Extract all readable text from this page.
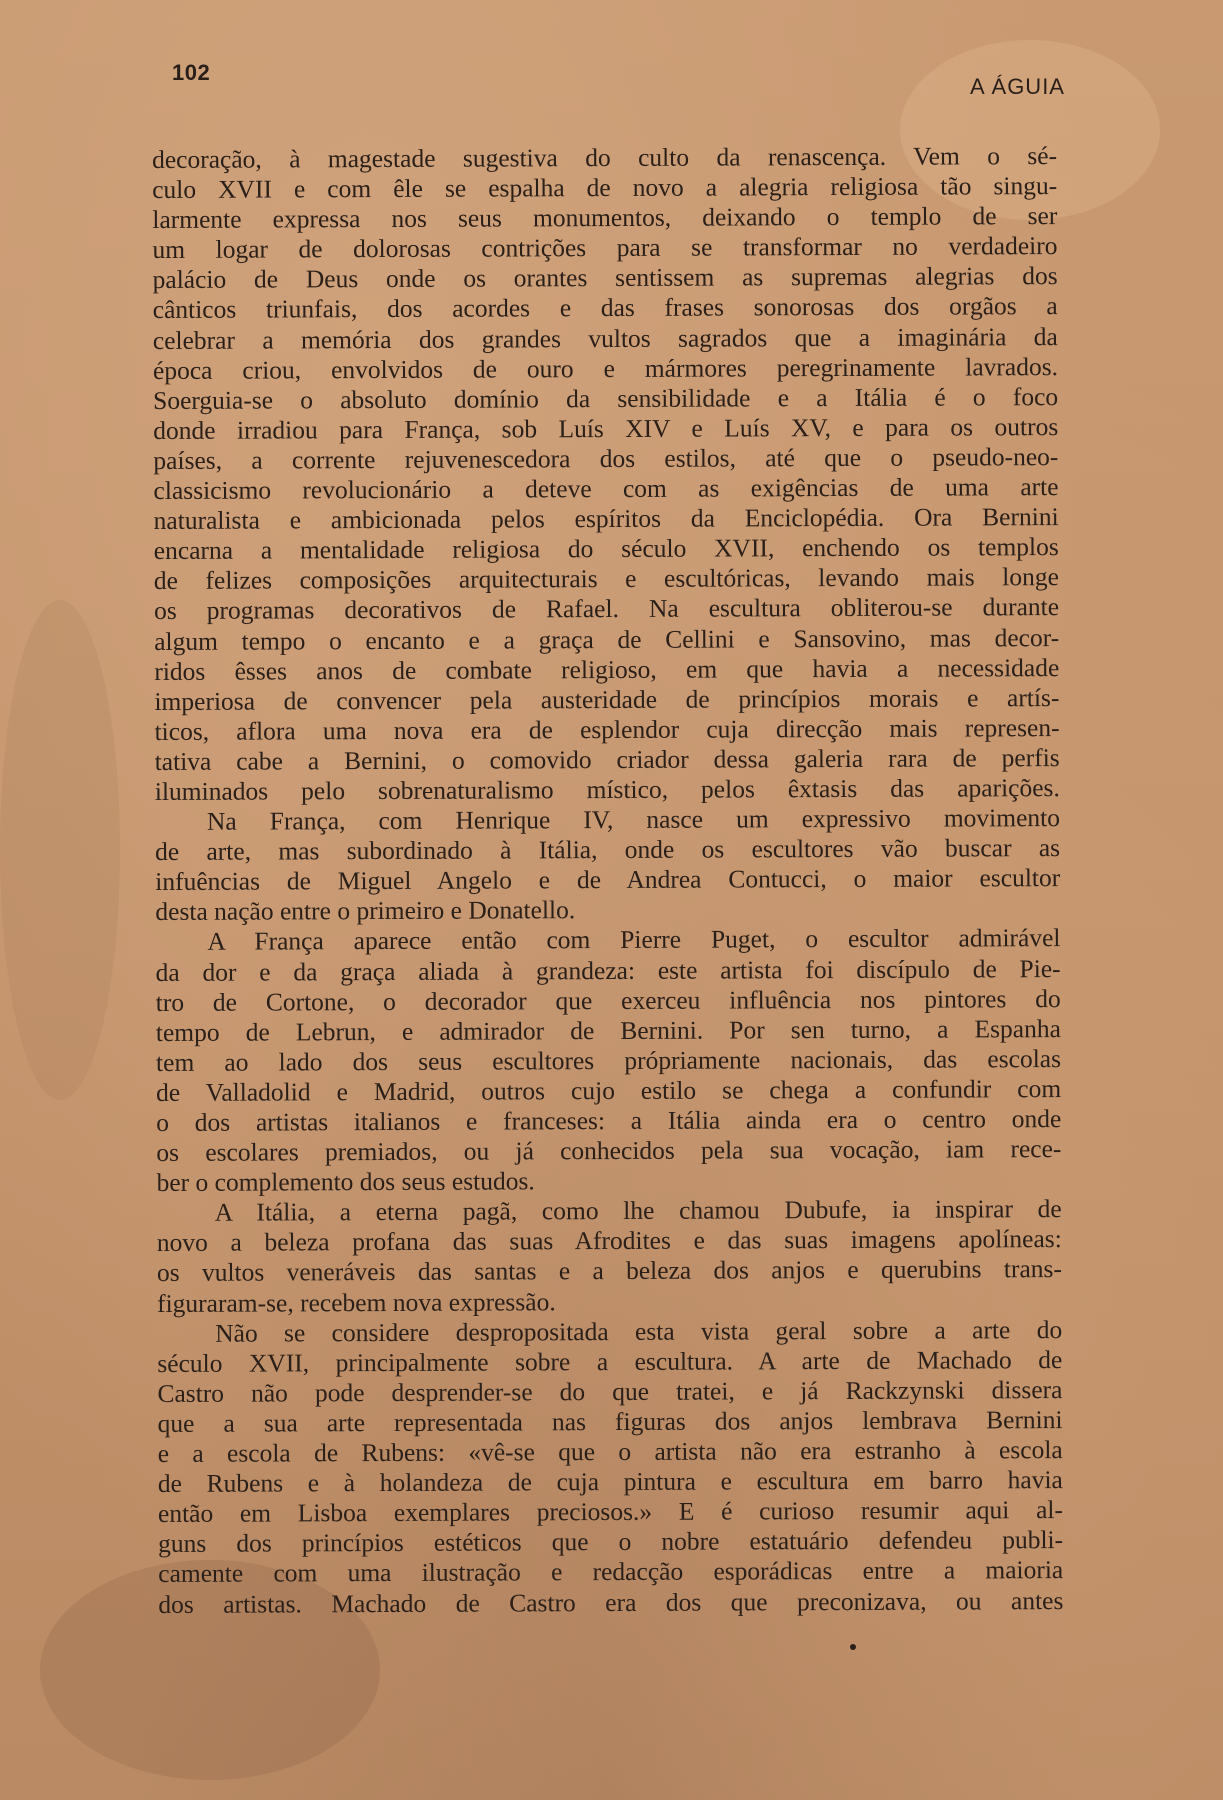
102
A ÁGUIA
decoração, à magestade sugestiva do culto da renascença. Vem o sé-
culo XVII e com êle se espalha de novo a alegria religiosa tão singu-
larmente expressa nos seus monumentos, deixando o templo de ser
um logar de dolorosas contrições para se transformar no verdadeiro
palácio de Deus onde os orantes sentissem as supremas alegrias dos
cânticos triunfais, dos acordes e das frases sonorosas dos orgãos a
celebrar a memória dos grandes vultos sagrados que a imaginária da
época criou, envolvidos de ouro e mármores peregrinamente lavrados.
Soerguia-se o absoluto domínio da sensibilidade e a Itália é o foco
donde irradiou para França, sob Luís XIV e Luís XV, e para os outros
países, a corrente rejuvenescedora dos estilos, até que o pseudo-neo-
classicismo revolucionário a deteve com as exigências de uma arte
naturalista e ambicionada pelos espíritos da Enciclopédia. Ora Bernini
encarna a mentalidade religiosa do século XVII, enchendo os templos
de felizes composições arquitecturais e escultóricas, levando mais longe
os programas decorativos de Rafael. Na escultura obliterou-se durante
algum tempo o encanto e a graça de Cellini e Sansovino, mas decor-
ridos êsses anos de combate religioso, em que havia a necessidade
imperiosa de convencer pela austeridade de princípios morais e artís-
ticos, aflora uma nova era de esplendor cuja direcção mais represen-
tativa cabe a Bernini, o comovido criador dessa galeria rara de perfis
iluminados pelo sobrenaturalismo místico, pelos êxtasis das aparições.
Na França, com Henrique IV, nasce um expressivo movimento
de arte, mas subordinado à Itália, onde os escultores vão buscar as
infuências de Miguel Angelo e de Andrea Contucci, o maior escultor
desta nação entre o primeiro e Donatello.
A França aparece então com Pierre Puget, o escultor admirável
da dor e da graça aliada à grandeza: este artista foi discípulo de Pie-
tro de Cortone, o decorador que exerceu influência nos pintores do
tempo de Lebrun, e admirador de Bernini. Por sen turno, a Espanha
tem ao lado dos seus escultores própriamente nacionais, das escolas
de Valladolid e Madrid, outros cujo estilo se chega a confundir com
o dos artistas italianos e franceses: a Itália ainda era o centro onde
os escolares premiados, ou já conhecidos pela sua vocação, iam rece-
ber o complemento dos seus estudos.
A Itália, a eterna pagã, como lhe chamou Dubufe, ia inspirar de
novo a beleza profana das suas Afrodites e das suas imagens apolíneas:
os vultos veneráveis das santas e a beleza dos anjos e querubins trans-
figuraram-se, recebem nova expressão.
Não se considere despropositada esta vista geral sobre a arte do
século XVII, principalmente sobre a escultura. A arte de Machado de
Castro não pode desprender-se do que tratei, e já Rackzynski dissera
que a sua arte representada nas figuras dos anjos lembrava Bernini
e a escola de Rubens: «vê-se que o artista não era estranho à escola
de Rubens e à holandeza de cuja pintura e escultura em barro havia
então em Lisboa exemplares preciosos.» E é curioso resumir aqui al-
guns dos princípios estéticos que o nobre estatuário defendeu publi-
camente com uma ilustração e redacção esporádicas entre a maioria
dos artistas. Machado de Castro era dos que preconizava, ou antes
